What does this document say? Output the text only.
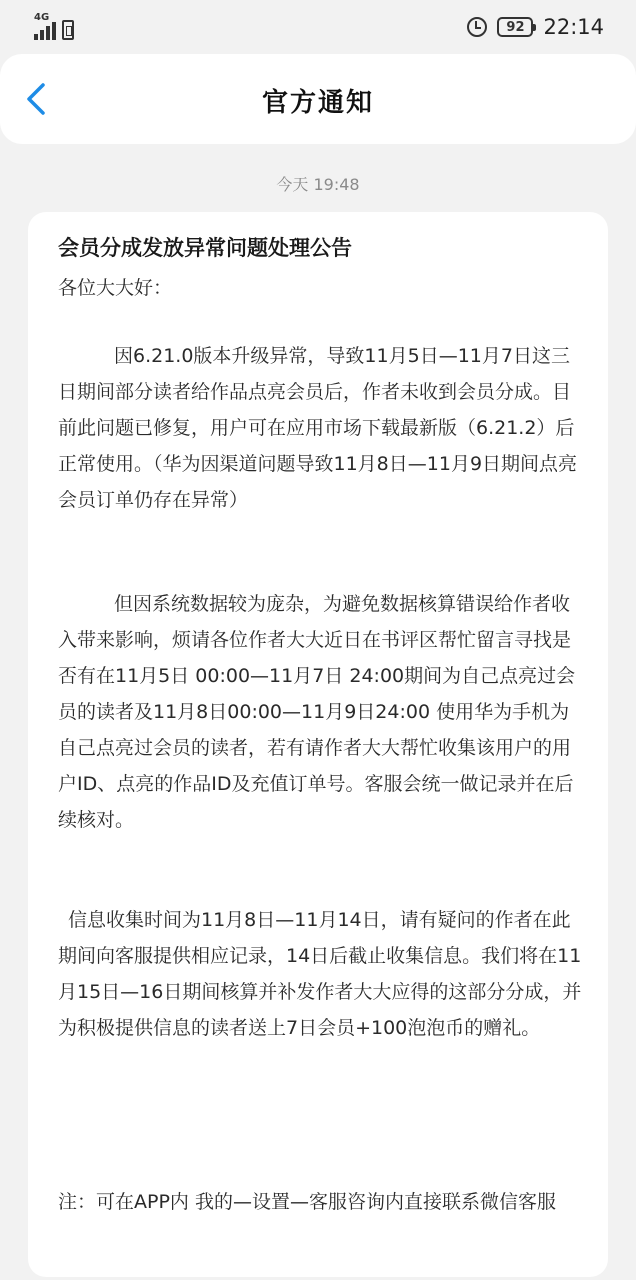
4G
92 22:14
官方通知
今天 19:48
会员分成发放异常问题处理公告

各位大大好：

因6.21.0版本升级异常，导致11月5日—11月7日这三日期间部分读者给作品点亮会员后，作者未收到会员分成。目前此问题已修复，用户可在应用市场下载最新版（6.21.2）后正常使用。（华为因渠道问题导致11月8日—11月9日期间点亮会员订单仍存在异常）

但因系统数据较为庞杂，为避免数据核算错误给作者收入带来影响，烦请各位作者大大近日在书评区帮忙留言寻找是否有在11月5日 00:00—11月7日 24:00期间为自己点亮过会员的读者及11月8日00:00—11月9日24:00 使用华为手机为自己点亮过会员的读者，若有请作者大大帮忙收集该用户的用户ID、点亮的作品ID及充值订单号。客服会统一做记录并在后续核对。

信息收集时间为11月8日—11月14日，请有疑问的作者在此期间向客服提供相应记录，14日后截止收集信息。我们将在11月15日—16日期间核算并补发作者大大应得的这部分分成，并为积极提供信息的读者送上7日会员+100泡泡币的赠礼。

注：可在APP内 我的—设置—客服咨询内直接联系微信客服
